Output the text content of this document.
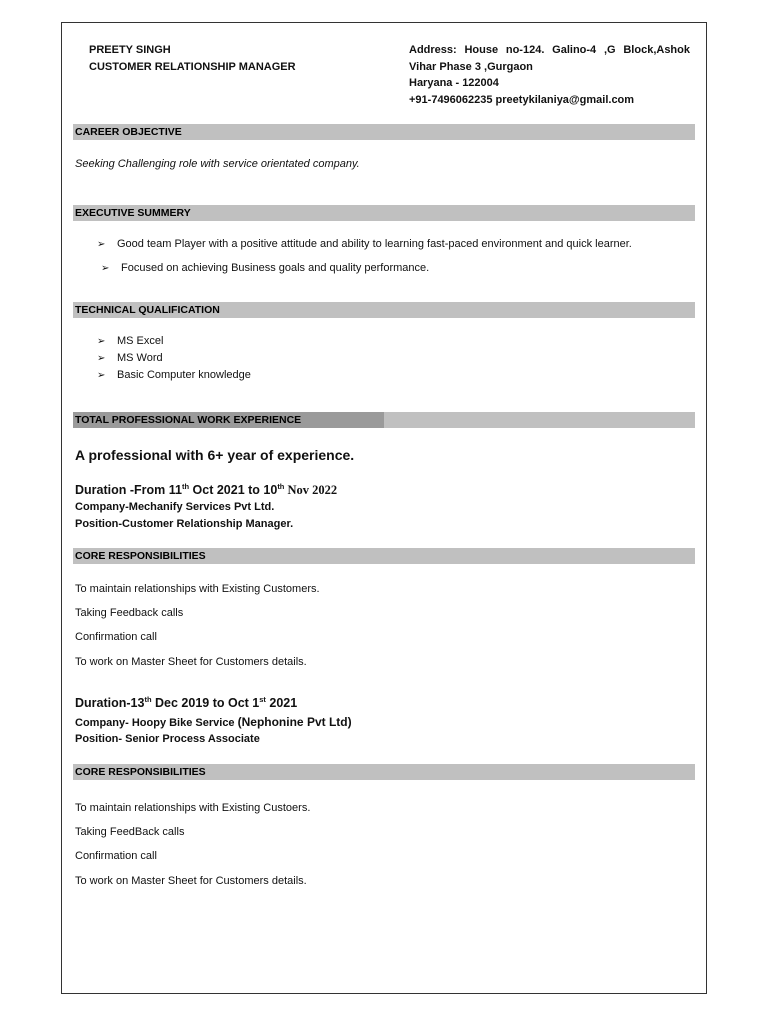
PREETY SINGH
CUSTOMER RELATIONSHIP MANAGER
Address: House no-124. Galino-4 ,G Block,Ashok
Vihar Phase 3 ,Gurgaon
Haryana - 122004
+91-7496062235 preetykilaniya@gmail.com
CAREER OBJECTIVE
Seeking Challenging role with service orientated company.
EXECUTIVE SUMMERY
➢ Good team Player with a positive attitude and ability to learning fast-paced environment and quick learner.
➢ Focused on achieving Business goals and quality performance.
TECHNICAL QUALIFICATION
➢ MS Excel
➢ MS Word
➢ Basic Computer knowledge
TOTAL PROFESSIONAL WORK EXPERIENCE
A professional with 6+ year of experience.
Duration -From 11th Oct 2021 to 10th Nov 2022
Company-Mechanify Services Pvt Ltd.
Position-Customer Relationship Manager.
CORE RESPONSIBILITIES
To maintain relationships with Existing Customers.
Taking Feedback calls
Confirmation call
To work on Master Sheet for Customers details.
Duration-13th Dec 2019 to Oct 1st 2021
Company- Hoopy Bike Service (Nephonine Pvt Ltd)
Position- Senior Process Associate
CORE RESPONSIBILITIES
To maintain relationships with Existing Custoers.
Taking FeedBack calls
Confirmation call
To work on Master Sheet for Customers details.
